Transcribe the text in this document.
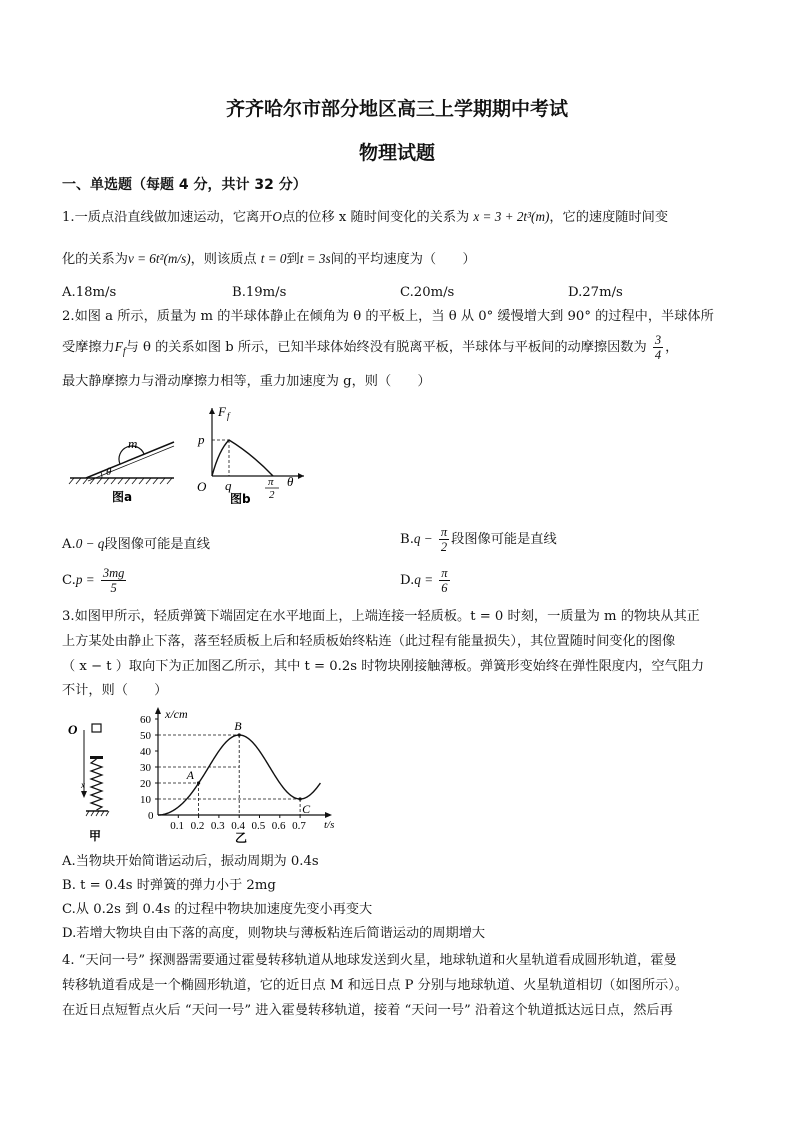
齐齐哈尔市部分地区高三上学期期中考试
物理试题
一、单选题（每题 4 分，共计 32 分）
1.一质点沿直线做加速运动，它离开O点的位移 x 随时间变化的关系为 x = 3 + 2t³(m)，它的速度随时间变
化的关系为v = 6t²(m/s)，则该质点 t = 0到t = 3s间的平均速度为（　　）
A.18m/s	B.19m/s	C.20m/s	D.27m/s
2.如图 a 所示，质量为 m 的半球体静止在倾角为 θ 的平板上，当 θ 从 0° 缓慢增大到 90° 的过程中，半球体所
受摩擦力$F_f$与 θ 的关系如图 b 所示，已知半球体始终没有脱离平板，半球体与平板间的动摩擦因数为 $\frac{3}{4}$ ，
最大静摩擦力与滑动摩擦力相等，重力加速度为 g，则（　　）
m
θ
图a
F f
p
q
O	π
2
θ
图b
A.0 − q段图像可能是直线	$B.q - \frac{\pi}{2}$ 段图像可能是直线
$C.p = \frac{3mg}{5}$	$D.q = \frac{\pi}{6}$
3.如图甲所示，轻质弹簧下端固定在水平地面上，上端连接一轻质板。t = 0 时刻，一质量为 m 的物块从其正
上方某处由静止下落，落至轻质板上后和轻质板始终粘连（此过程有能量损失），其位置随时间变化的图像
（ x − t ）取向下为正加图乙所示，其中 t = 0.2s 时物块刚接触薄板。弹簧形变始终在弹性限度内，空气阻力
不计，则（　　）
O
x
甲
x/cm
t/s
0
10
20
30
40
50
60
0.1 0.2 0.3 0.4 0.5 0.6 0.7
A
B
C
乙
A.当物块开始简谐运动后，振动周期为 0.4s
B. t = 0.4s 时弹簧的弹力小于 2mg
C.从 0.2s 到 0.4s 的过程中物块加速度先变小再变大
D.若增大物块自由下落的高度，则物块与薄板粘连后简谐运动的周期增大
4. “天问一号” 探测器需要通过霍曼转移轨道从地球发送到火星，地球轨道和火星轨道看成圆形轨道，霍曼
转移轨道看成是一个椭圆形轨道，它的近日点 M 和远日点 P 分别与地球轨道、火星轨道相切（如图所示）。
在近日点短暂点火后 “天问一号” 进入霍曼转移轨道，接着 “天问一号” 沿着这个轨道抵达远日点，然后再
